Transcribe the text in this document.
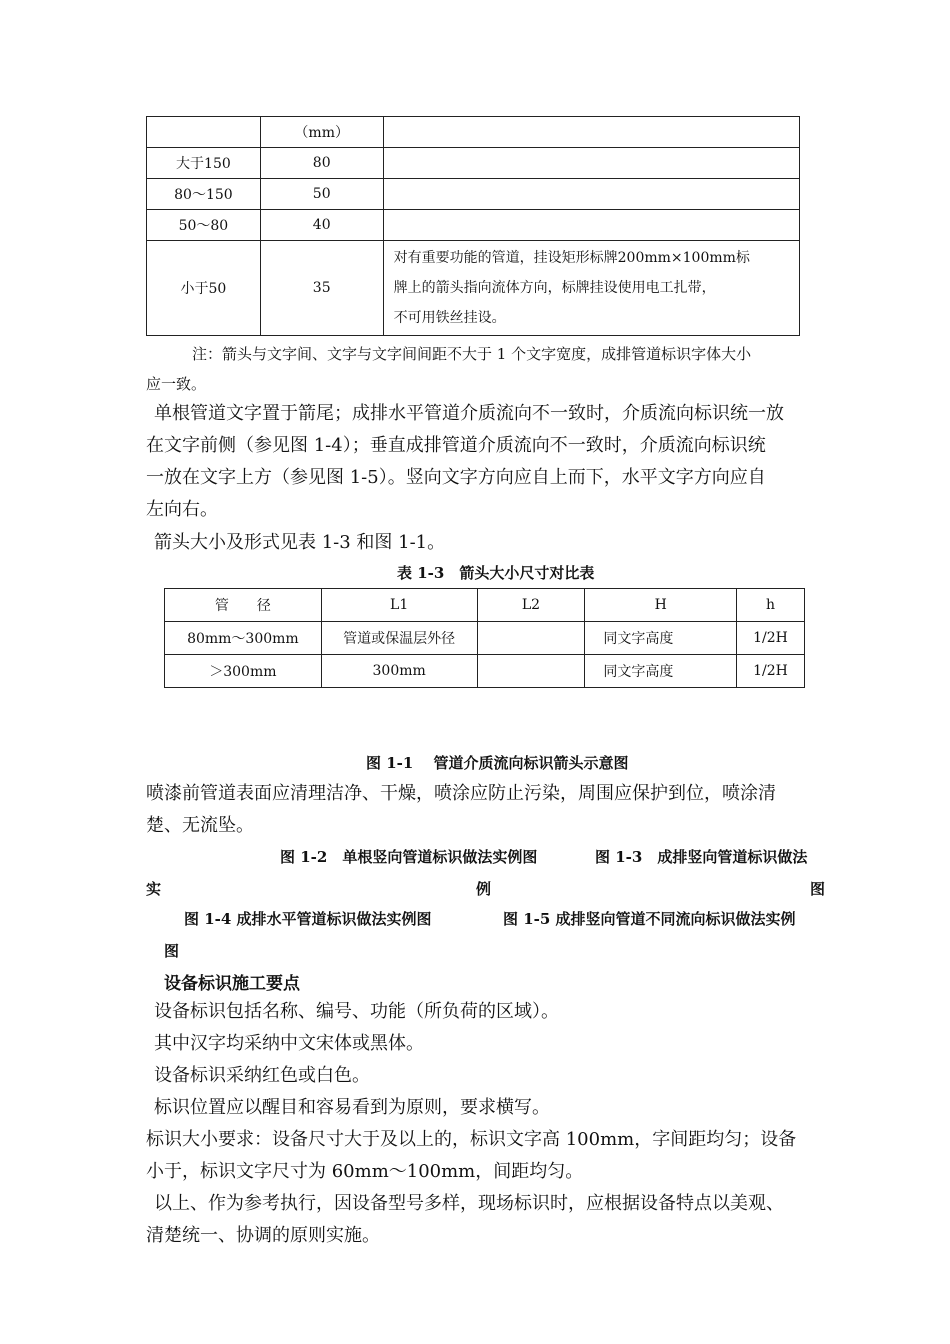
	（mm）	
大于150	80	
80～150	50	
50～80	40	
小于50	35	对有重要功能的管道，挂设矩形标牌200mm×100mm标
牌上的箭头指向流体方向，标牌挂设使用电工扎带，
不可用铁丝挂设。
注：箭头与文字间、文字与文字间间距不大于 1 个文字宽度，成排管道标识字体大小
应一致。
单根管道文字置于箭尾；成排水平管道介质流向不一致时，介质流向标识统一放
在文字前侧（参见图 1-4）；垂直成排管道介质流向不一致时，介质流向标识统
一放在文字上方（参见图 1-5）。竖向文字方向应自上而下，水平文字方向应自
左向右。
箭头大小及形式见表 1-3 和图 1-1。
表 1-3　箭头大小尺寸对比表
管　　径	L1	L2	H	h
80mm～300mm	管道或保温层外径		同文字高度	1/2H
＞300mm	300mm		同文字高度	1/2H
图 1-1　 管道介质流向标识箭头示意图
喷漆前管道表面应清理洁净、干燥，喷涂应防止污染，周围应保护到位，喷涂清
楚、无流坠。
图 1-2　单根竖向管道标识做法实例图	图 1-3　成排竖向管道标识做法
实	例	图
图 1-4 成排水平管道标识做法实例图	图 1-5 成排竖向管道不同流向标识做法实例
图
设备标识施工要点
设备标识包括名称、编号、功能（所负荷的区域）。
其中汉字均采纳中文宋体或黑体。
设备标识采纳红色或白色。
标识位置应以醒目和容易看到为原则，要求横写。
标识大小要求：设备尺寸大于及以上的，标识文字高 100mm，字间距均匀；设备
小于，标识文字尺寸为 60mm～100mm，间距均匀。
以上、作为参考执行，因设备型号多样，现场标识时，应根据设备特点以美观、
清楚统一、协调的原则实施。
